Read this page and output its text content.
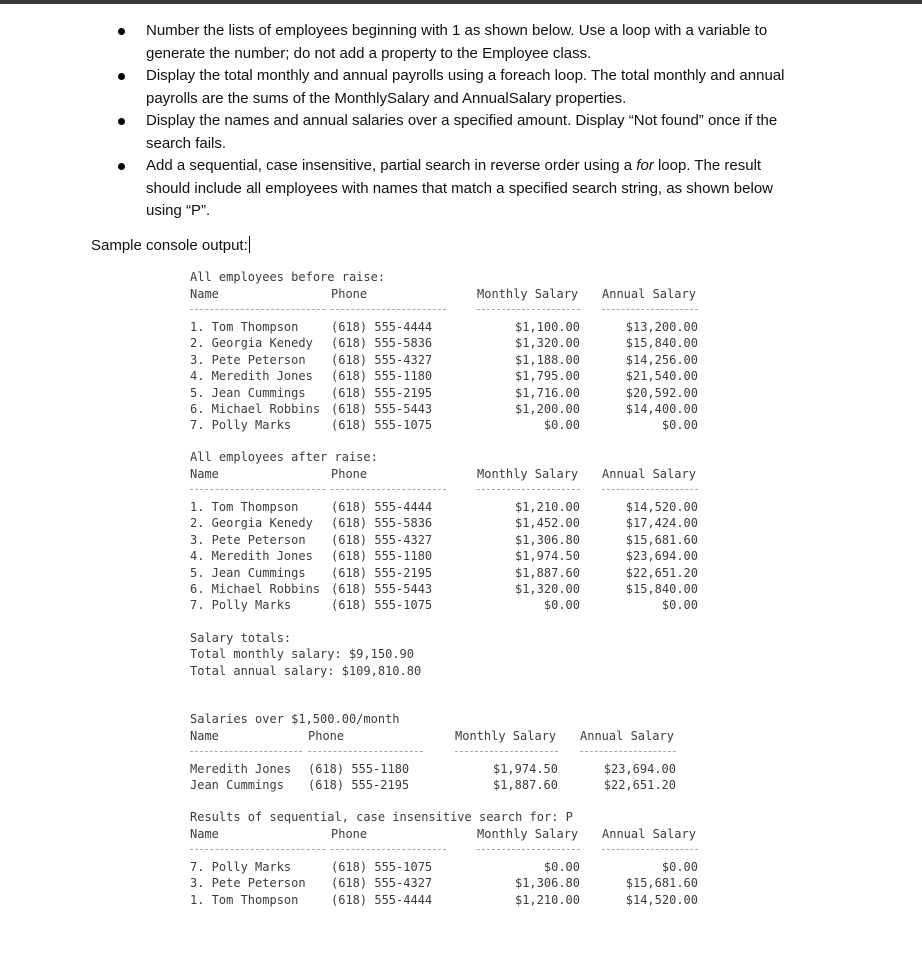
Number the lists of employees beginning with 1 as shown below. Use a loop with a variable to generate the number; do not add a property to the Employee class.
Display the total monthly and annual payrolls using a foreach loop. The total monthly and annual payrolls are the sums of the MonthlySalary and AnnualSalary properties.
Display the names and annual salaries over a specified amount. Display “Not found” once if the search fails.
Add a sequential, case insensitive, partial search in reverse order using a for loop. The result should include all employees with names that match a specified search string, as shown below using “P”.
Sample console output:
All employees before raise:
Name	Phone	Monthly Salary Annual Salary
1. Tom Thompson	(618) 555-4444	$1,100.00	$13,200.00
2. Georgia Kenedy (618) 555-5836	$1,320.00	$15,840.00
3. Pete Peterson (618) 555-4327	$1,188.00	$14,256.00
4. Meredith Jones (618) 555-1180	$1,795.00	$21,540.00
5. Jean Cummings (618) 555-2195	$1,716.00	$20,592.00
6. Michael Robbins (618) 555-5443	$1,200.00	$14,400.00
7. Polly Marks	(618) 555-1075	$0.00	$0.00
All employees after raise:
Name	Phone	Monthly Salary Annual Salary
1. Tom Thompson	(618) 555-4444	$1,210.00	$14,520.00
2. Georgia Kenedy (618) 555-5836	$1,452.00	$17,424.00
3. Pete Peterson (618) 555-4327	$1,306.80	$15,681.60
4. Meredith Jones (618) 555-1180	$1,974.50	$23,694.00
5. Jean Cummings (618) 555-2195	$1,887.60	$22,651.20
6. Michael Robbins (618) 555-5443	$1,320.00	$15,840.00
7. Polly Marks	(618) 555-1075	$0.00	$0.00
Salary totals:
Total monthly salary: $9,150.90
Total annual salary: $109,810.80
Salaries over $1,500.00/month
Name	Phone	Monthly Salary Annual Salary
Meredith Jones (618) 555-1180	$1,974.50	$23,694.00
Jean Cummings (618) 555-2195	$1,887.60	$22,651.20
Results of sequential, case insensitive search for: P
Name	Phone	Monthly Salary Annual Salary
7. Polly Marks	(618) 555-1075	$0.00	$0.00
3. Pete Peterson (618) 555-4327	$1,306.80	$15,681.60
1. Tom Thompson	(618) 555-4444	$1,210.00	$14,520.00
